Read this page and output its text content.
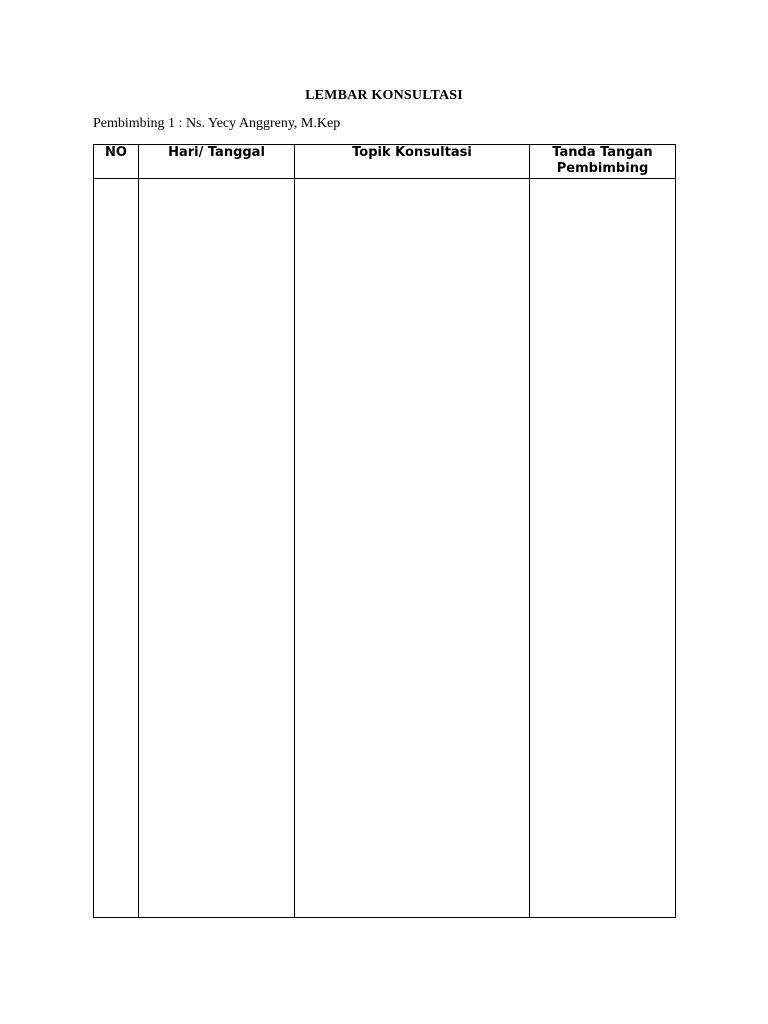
LEMBAR KONSULTASI
Pembimbing 1 : Ns. Yecy Anggreny, M.Kep
NO	Hari/ Tanggal	Topik Konsultasi	Tanda Tangan
Pembimbing
